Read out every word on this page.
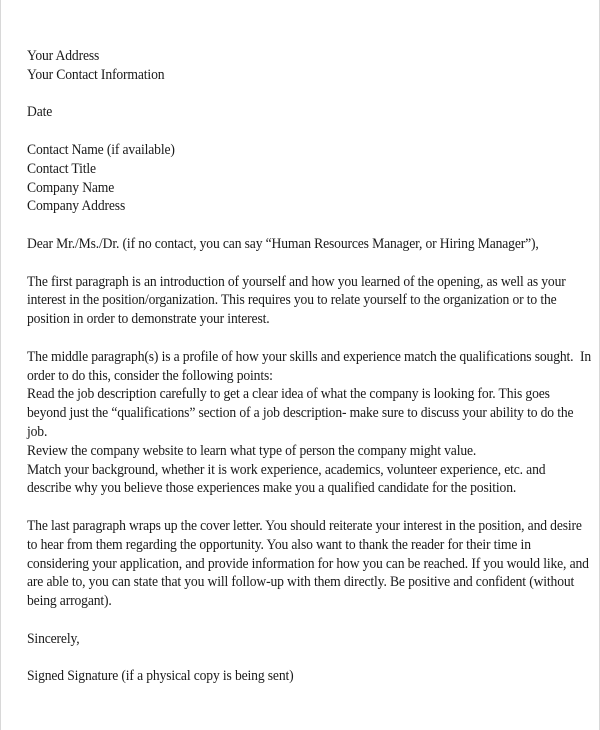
Your Address
Your Contact Information
Date
Contact Name (if available)
Contact Title
Company Name
Company Address
Dear Mr./Ms./Dr. (if no contact, you can say “Human Resources Manager, or Hiring Manager”),
The first paragraph is an introduction of yourself and how you learned of the opening, as well as your
interest in the position/organization. This requires you to relate yourself to the organization or to the
position in order to demonstrate your interest.
The middle paragraph(s) is a profile of how your skills and experience match the qualifications sought.  In
order to do this, consider the following points:
Read the job description carefully to get a clear idea of what the company is looking for. This goes
beyond just the “qualifications” section of a job description- make sure to discuss your ability to do the
job.
Review the company website to learn what type of person the company might value.
Match your background, whether it is work experience, academics, volunteer experience, etc. and
describe why you believe those experiences make you a qualified candidate for the position.
The last paragraph wraps up the cover letter. You should reiterate your interest in the position, and desire
to hear from them regarding the opportunity. You also want to thank the reader for their time in
considering your application, and provide information for how you can be reached. If you would like, and
are able to, you can state that you will follow-up with them directly. Be positive and confident (without
being arrogant).
Sincerely,
Signed Signature (if a physical copy is being sent)
